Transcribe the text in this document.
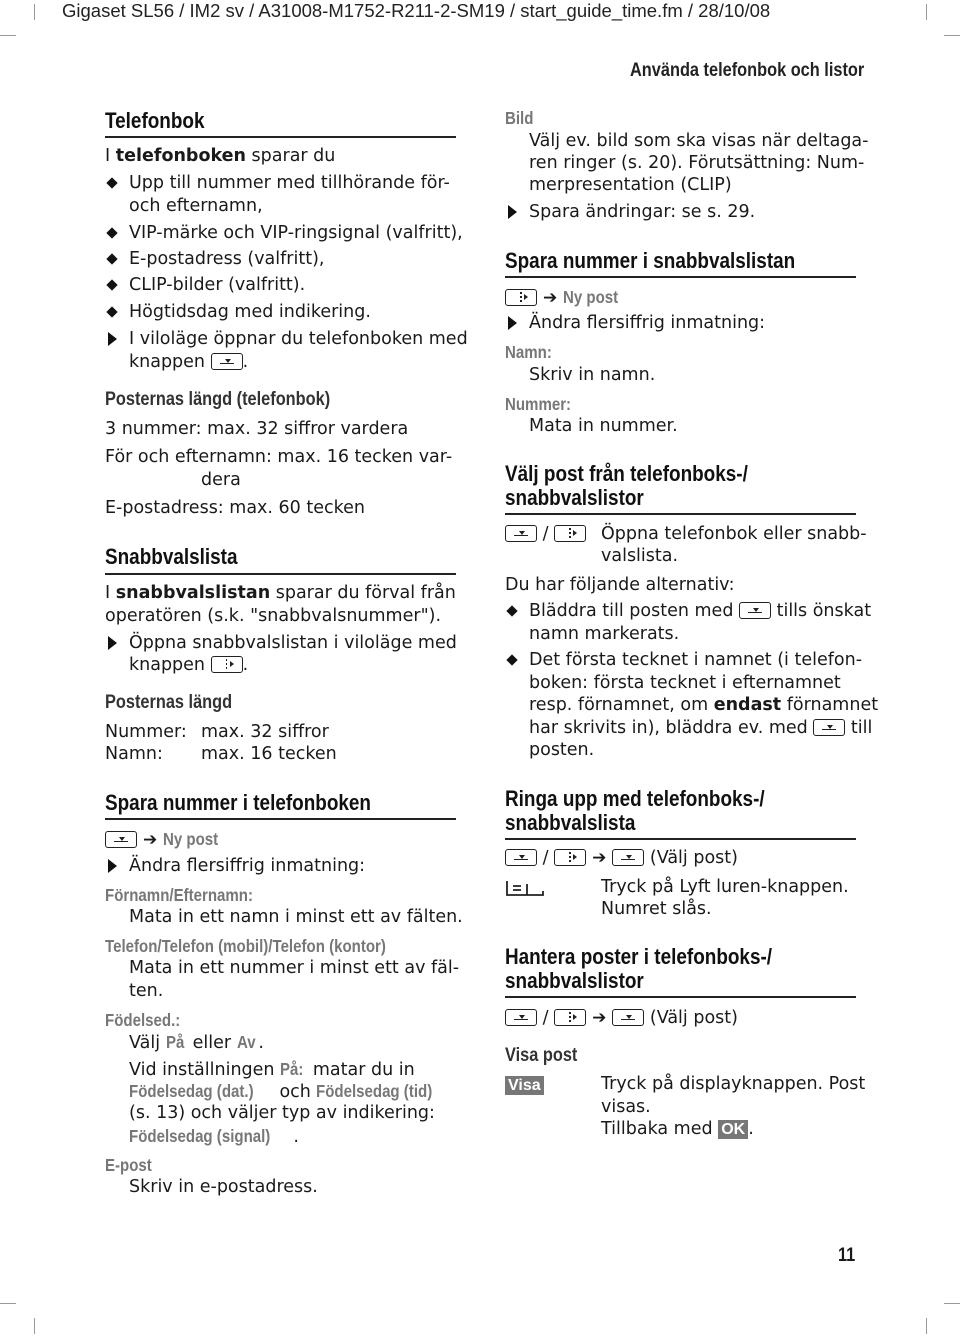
Gigaset SL56 / IM2 sv / A31008-M1752-R211-2-SM19 / start_guide_time.fm / 28/10/08
Använda telefonbok och listor
Telefonbok
I telefonboken sparar du
Upp till nummer med tillhörande för-
och efternamn,
VIP-märke och VIP-ringsignal (valfritt),
E-postadress (valfritt),
CLIP-bilder (valfritt).
Högtidsdag med indikering.
I viloläge öppnar du telefonboken med
knappen .
Posternas längd (telefonbok)
3 nummer: max. 32 siffror vardera
För och efternamn: max. 16 tecken var-
dera
E-postadress: max. 60 tecken
Snabbvalslista
I snabbvalslistan sparar du förval från
operatören (s.k. "snabbvalsnummer").
Öppna snabbvalslistan i viloläge med
knappen .
Posternas längd
Nummer: max. 32 siffror
Namn: max. 16 tecken
Spara nummer i telefonboken
➔ Ny post
Ändra flersiffrig inmatning:
Förnamn/Efternamn:
Mata in ett namn i minst ett av fälten.
Telefon/Telefon (mobil)/Telefon (kontor)
Mata in ett nummer i minst ett av fäl-
ten.
Födelsed.:
Välj På eller Av .
Vid inställningen På: matar du in
Födelsedag (dat.) och Födelsedag (tid)
(s. 13) och väljer typ av indikering:
Födelsedag (signal) .
E-post
Skriv in e-postadress.
Bild
Välj ev. bild som ska visas när deltaga-
ren ringer (s. 20). Förutsättning: Num-
merpresentation (CLIP)
Spara ändringar: se s. 29.
Spara nummer i snabbvalslistan
➔ Ny post
Ändra flersiffrig inmatning:
Namn:
Skriv in namn.
Nummer:
Mata in nummer.
Välj post från telefonboks-/
snabbvalslistor
/	Öppna telefonbok eller snabb-
valslista.
Du har följande alternativ:
Bläddra till posten med tills önskat
namn markerats.
Det första tecknet i namnet (i telefon-
boken: första tecknet i efternamnet
resp. förnamnet, om endast förnamnet
har skrivits in), bläddra ev. med till
posten.
Ringa upp med telefonboks-/
snabbvalslista
/	➔ (Välj post)
Tryck på Lyft luren-knappen.
Numret slås.
Hantera poster i telefonboks-/
snabbvalslistor
/	➔ (Välj post)
Visa post
Visa	Tryck på displayknappen. Post
visas.
Tillbaka med OK .
11
